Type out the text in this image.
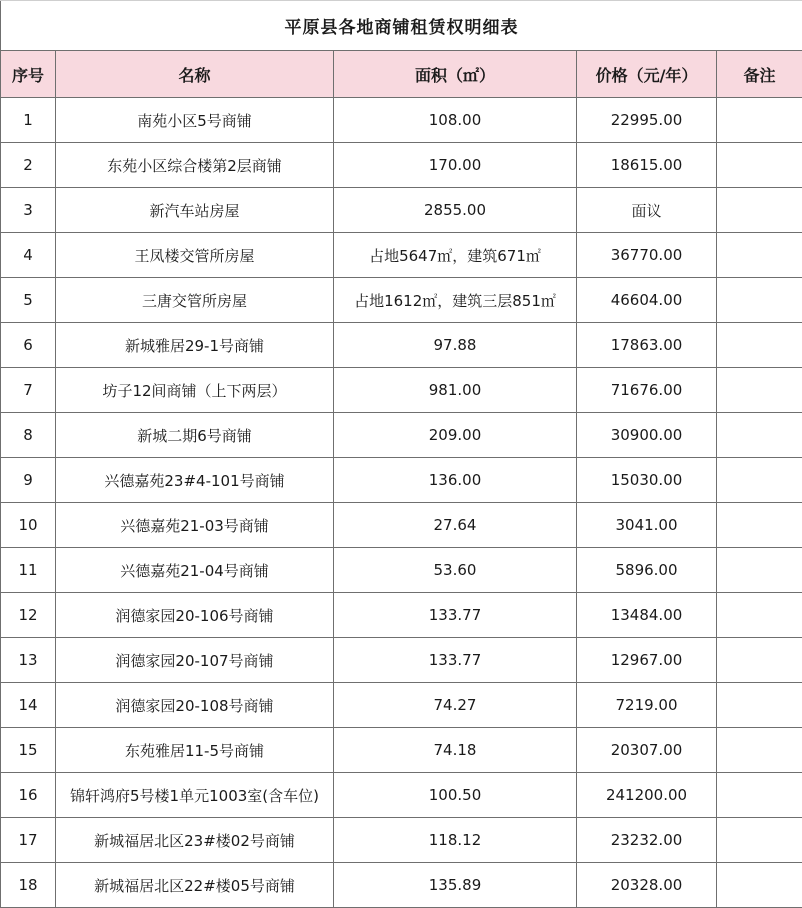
平原县各地商铺租赁权明细表				
序号	名称	面积（㎡）	价格（元/年）	备注
1	南苑小区5号商铺	108.00	22995.00	
2	东苑小区综合楼第2层商铺	170.00	18615.00	
3	新汽车站房屋	2855.00	面议	
4	王凤楼交管所房屋	占地5647㎡，建筑671㎡	36770.00	
5	三唐交管所房屋	占地1612㎡，建筑三层851㎡	46604.00	
6	新城雅居29-1号商铺	97.88	17863.00	
7	坊子12间商铺（上下两层）	981.00	71676.00	
8	新城二期6号商铺	209.00	30900.00	
9	兴德嘉苑23#4-101号商铺	136.00	15030.00	
10	兴德嘉苑21-03号商铺	27.64	3041.00	
11	兴德嘉苑21-04号商铺	53.60	5896.00	
12	润德家园20-106号商铺	133.77	13484.00	
13	润德家园20-107号商铺	133.77	12967.00	
14	润德家园20-108号商铺	74.27	7219.00	
15	东苑雅居11-5号商铺	74.18	20307.00	
16	锦轩鸿府5号楼1单元1003室(含车位)	100.50	241200.00	
17	新城福居北区23#楼02号商铺	118.12	23232.00	
18	新城福居北区22#楼05号商铺	135.89	20328.00	
